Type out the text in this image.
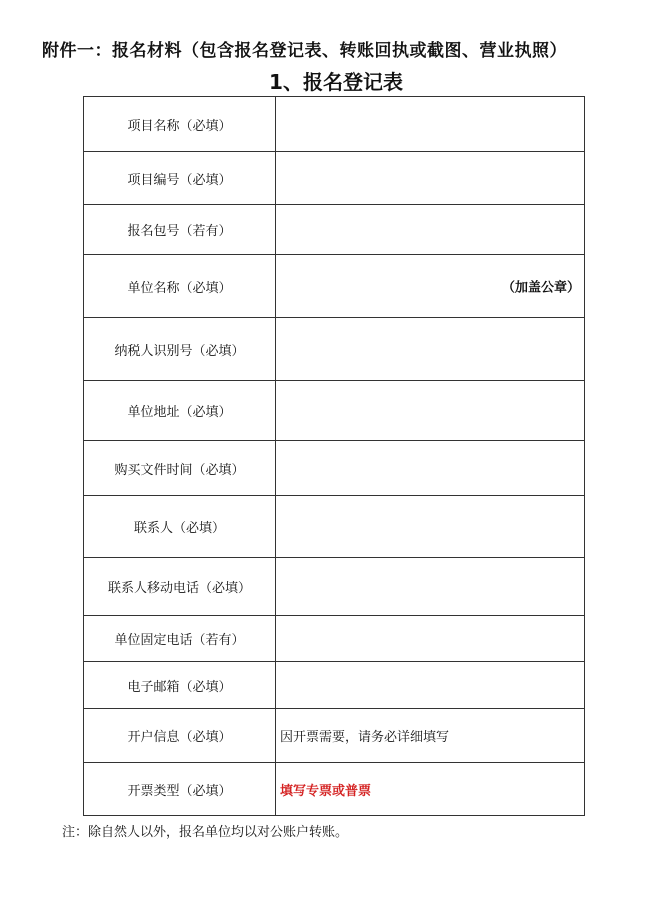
附件一：报名材料（包含报名登记表、转账回执或截图、营业执照）
1、报名登记表
项目名称（必填）	
项目编号（必填）	
报名包号（若有）	
单位名称（必填）	（加盖公章）

纳税人识别号（必填）	
单位地址（必填）	
购买文件时间（必填）	
联系人（必填）	
联系人移动电话（必填）	
单位固定电话（若有）	
电子邮箱（必填）	
开户信息（必填）	因开票需要，请务必详细填写
开票类型（必填）	填写专票或普票
注：除自然人以外，报名单位均以对公账户转账。
